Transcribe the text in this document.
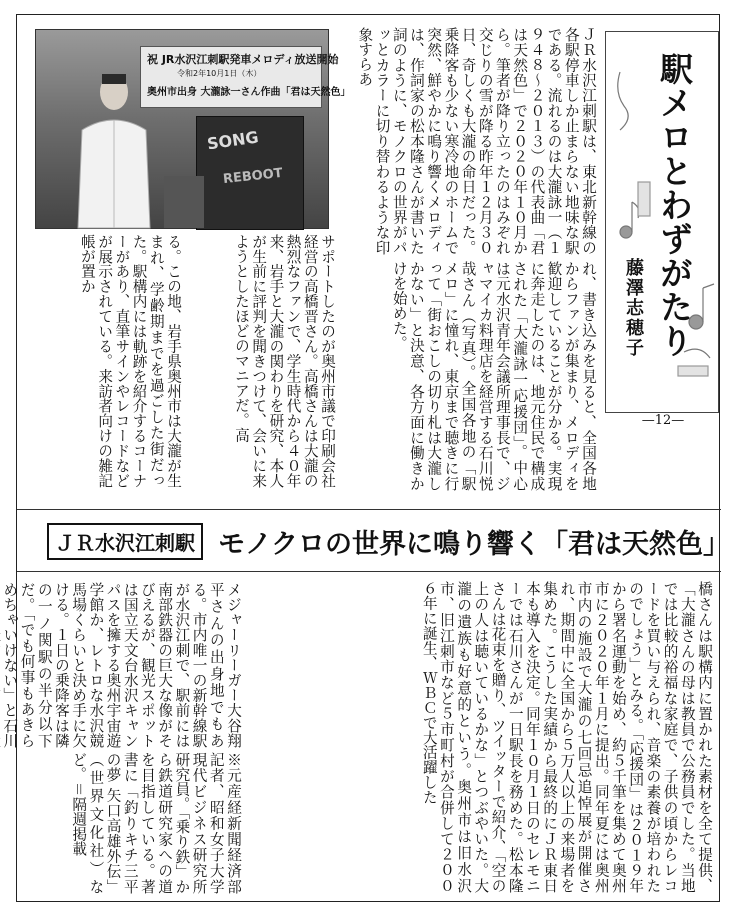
ＪＲ水沢江刺駅は、東北新幹線の各駅停車しか止まらない地味な駅である。流れるのは大瀧詠一（１９４８〜２０１３）の代表曲「君は天然色」で２０２０年１０月から。筆者が降り立ったのはみぞれ交じりの雪が降る昨年１２月３０日、奇しくも大瀧の命日だった。乗降客も少ない寒冷地のホームで突然、鮮やかに鳴り響くメロディは、作詞家の松本隆さんが書いた詞のように、モノクロの世界がパッとカラーに切り替わるような印象すらあ
れ、書き込みを見ると、全国各地からファンが集まり、メロディを歓迎していることが分かる。実現に奔走したのは、地元住民で構成された「大瀧詠一応援団」。中心は元水沢青年会議所理事長で、ジャマイカ料理店を経営する石川悦哉さん（写真）。全国各地の「駅メロ」に憧れ、東京まで聴きに行って「街おこしの切り札は大瀧しかない」と決意、各方面に働きかけを始めた。
祝 JR水沢江刺駅発車メロディ放送開始
令和2年10月1日（木）
奥州市出身 大瀧詠一さん作曲「君は天然色」
SONG
REBOOT	駅メロとわずがたり
藤澤志穂子
—12—
ＪＲ水沢江刺駅 モノクロの世界に鳴り響く「君は天然色」
橋さんは駅構内に置かれた素材を全て提供、「大瀧さんの母は教員で公務員でした。当地では比較的裕福な家庭で、子供の頃からレコードを買い与えられ、音楽の素養が培われたのでしょう」とみる。「応援団」は２０１９年から署名運動を始め、約５千筆を集めて奥州市に２０２０年１月に提出。同年夏には奥州市内の施設で大瀧の七回忌追悼展が開催され、期間中に全国から５万人以上の来場者を集めた。こうした実績から最終的にＪＲ東日本も導入を決定。同年１０月１日のセレモニーでは石川さんが一日駅長を務めた。松本隆さんは花束を贈り、ツイッターで紹介、「空の上の人は聴いているかな」とつぶやいた。大瀧の遺族も好意的という。奥州市は旧水沢市、旧江刺市など５市町村が合併して２００６年に誕生、ＷＢＣで大活躍した
る。この地、岩手県奥州市は大瀧が生まれ、学齢期までを過ごした街だった。駅構内には軌跡を紹介するコーナーがあり、直筆サインやレコードなどが展示されている。来訪者向けの雑記帳が置か	サポートしたのが奥州市議で印刷会社経営の高橋晋さん。高橋さんは大瀧の熱烈なファンで、学生時代から４０年来、岩手と大瀧の関わりを研究、本人が生前に評判を聞きつけて、会いに来ようとしたほどのマニアだ。高
メジャーリーガー大谷翔平さんの出身地でもある。市内唯一の新幹線駅が水沢江刺で、駅前には南部鉄器の巨大な像がそびえるが、観光スポットは国立天文台水沢キャンパスを擁する奥州宇宙遊学館か、レトロな水沢競馬場くらいと決め手に欠ける。１日の乗降客は隣の一ノ関駅の半分以下だ。「でも何事もあきらめちゃいけない」と石川
※元産経新聞経済部記者、昭和女子大学現代ビジネス研究所研究員。「乗り鉄」から鉄道研究家への道を目指している。著書に「釣りキチ三平の夢 矢口高雄外伝」（世界文化社）など。＝隔週掲載
